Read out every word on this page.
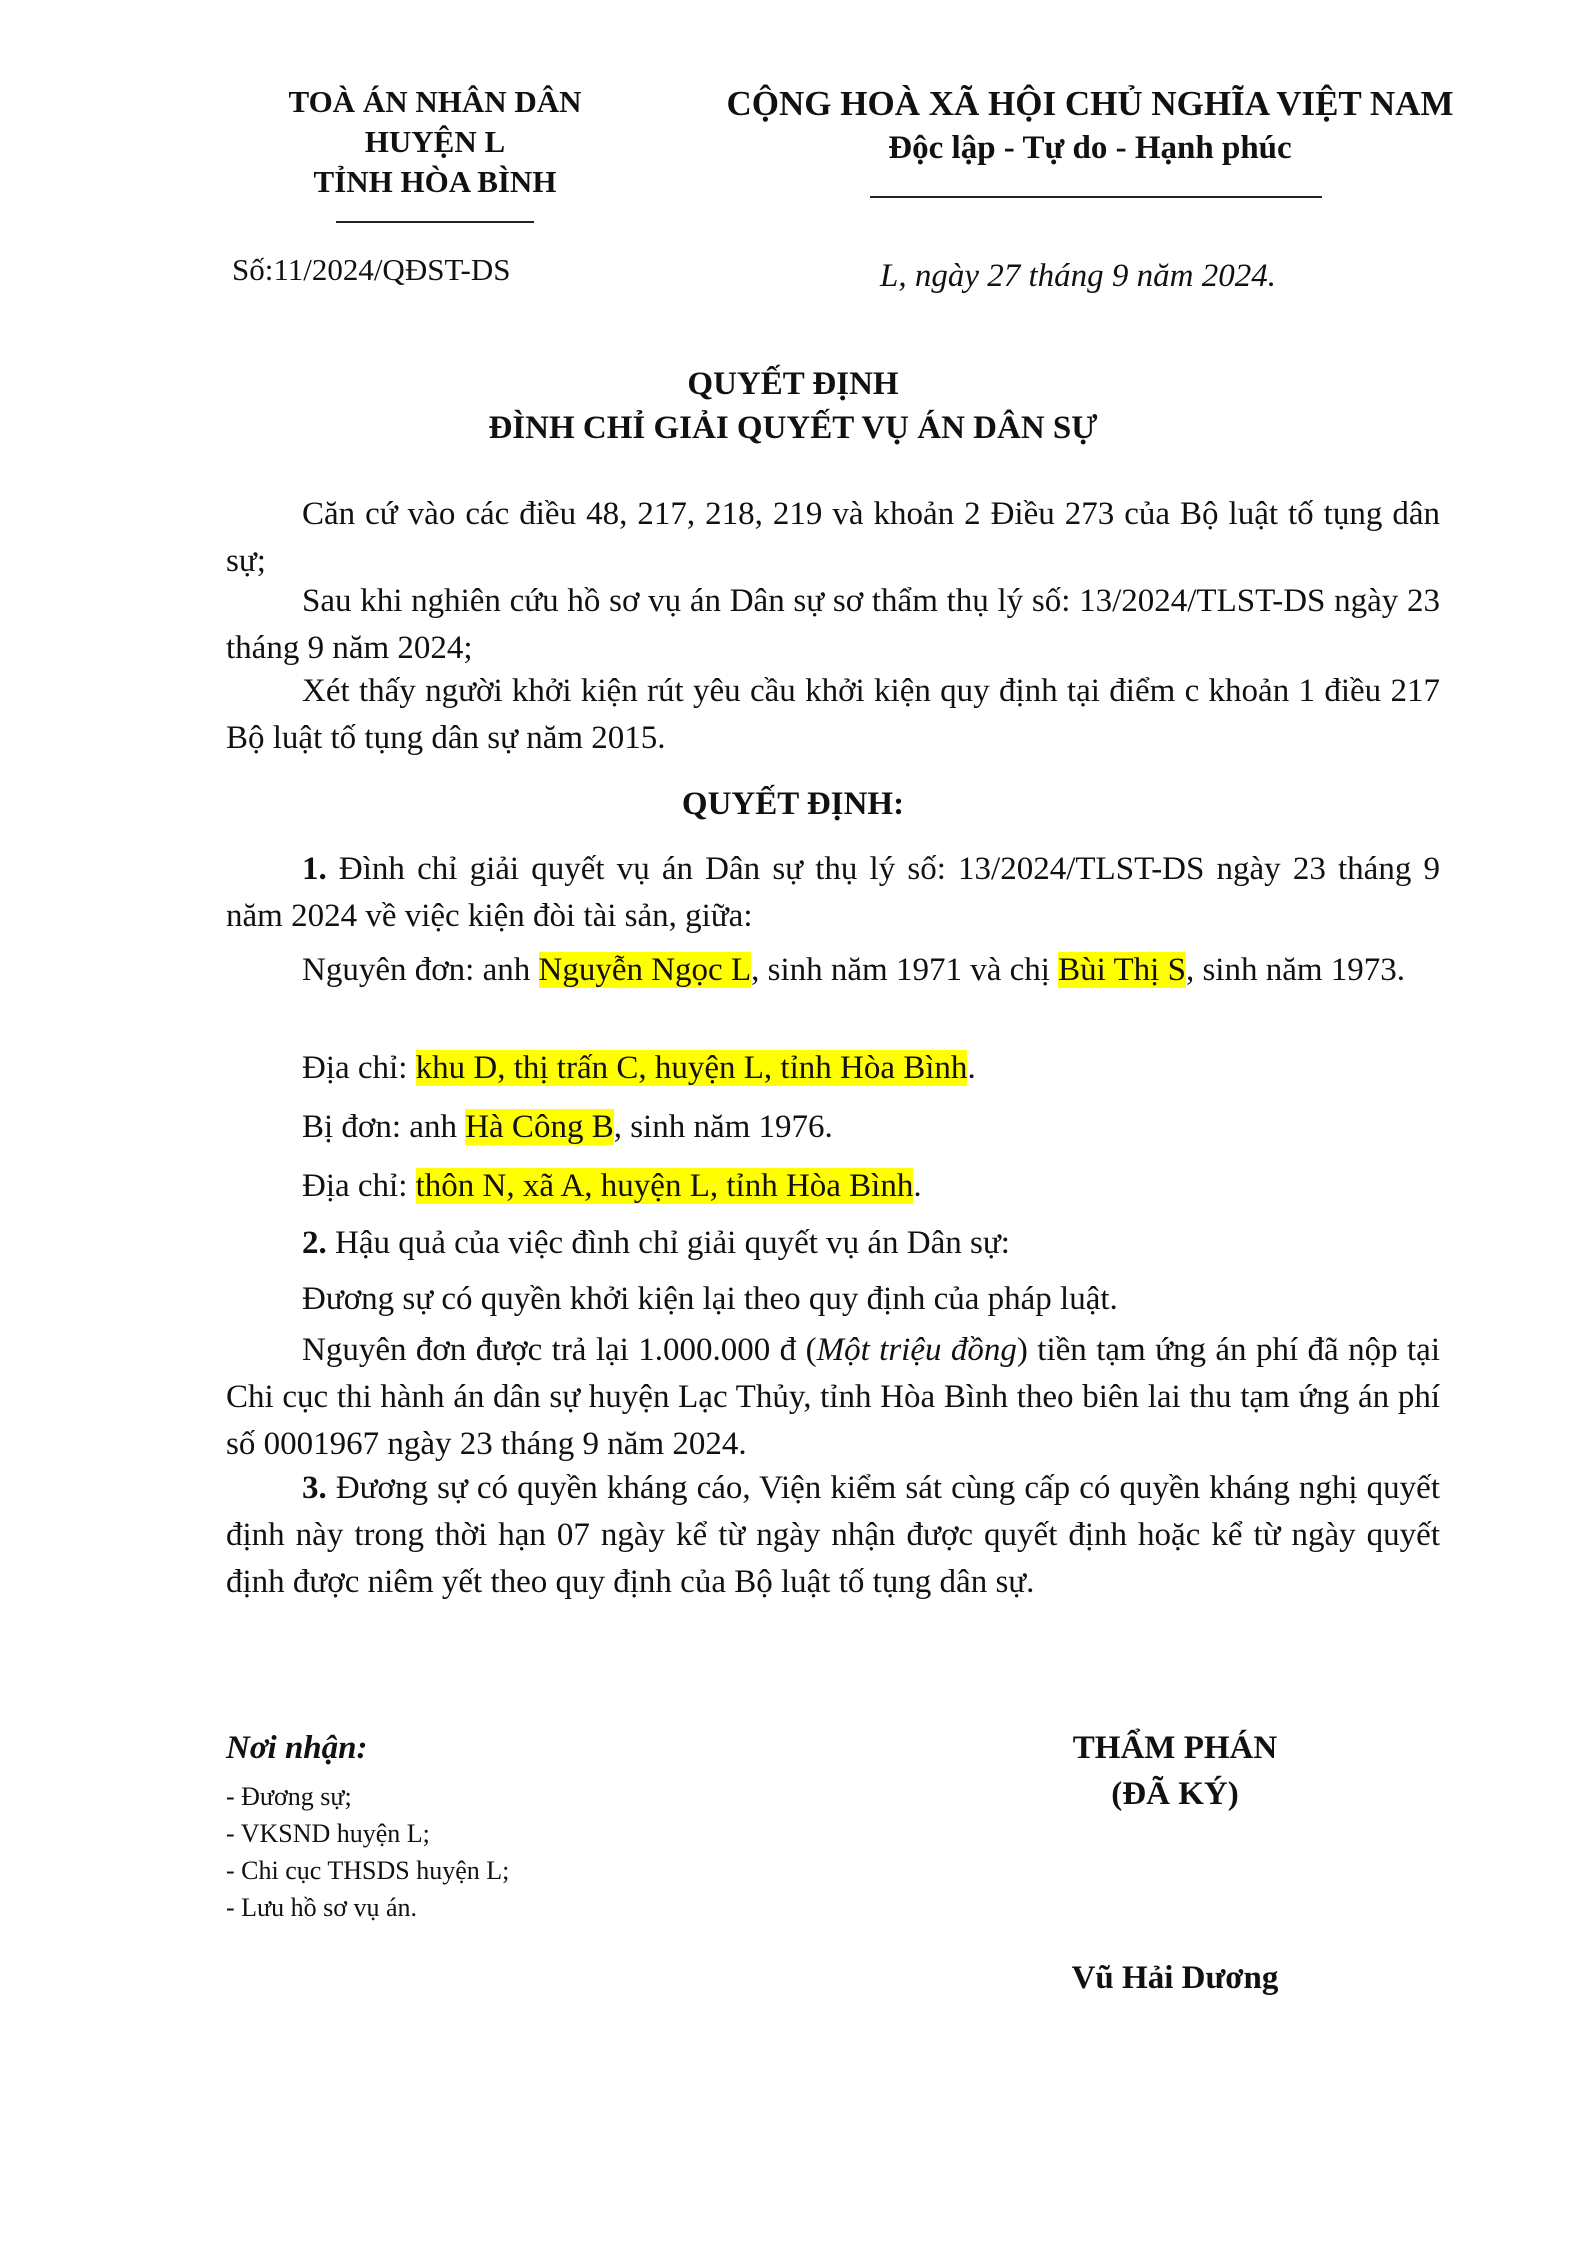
TOÀ ÁN NHÂN DÂN
HUYỆN L
TỈNH HÒA BÌNH
CỘNG HOÀ XÃ HỘI CHỦ NGHĨA VIỆT NAM
Độc lập - Tự do - Hạnh phúc
Số:11/2024/QĐST-DS	L, ngày 27 tháng 9 năm 2024.
QUYẾT ĐỊNH
ĐÌNH CHỈ GIẢI QUYẾT VỤ ÁN DÂN SỰ
Căn cứ vào các điều 48, 217, 218, 219 và khoản 2 Điều 273 của Bộ luật tố tụng dân sự;
Sau khi nghiên cứu hồ sơ vụ án Dân sự sơ thẩm thụ lý số: 13/2024/TLST-DS ngày 23 tháng 9 năm 2024;
Xét thấy người khởi kiện rút yêu cầu khởi kiện quy định tại điểm c khoản 1 điều 217 Bộ luật tố tụng dân sự năm 2015.
QUYẾT ĐỊNH:
1. Đình chỉ giải quyết vụ án Dân sự thụ lý số: 13/2024/TLST-DS ngày 23 tháng 9 năm 2024 về việc kiện đòi tài sản, giữa:
Nguyên đơn: anh Nguyễn Ngọc L, sinh năm 1971 và chị Bùi Thị S, sinh năm 1973.
Địa chỉ: khu D, thị trấn C, huyện L, tỉnh Hòa Bình.
Bị đơn: anh Hà Công B, sinh năm 1976.
Địa chỉ: thôn N, xã A, huyện L, tỉnh Hòa Bình.
2. Hậu quả của việc đình chỉ giải quyết vụ án Dân sự:
Đương sự có quyền khởi kiện lại theo quy định của pháp luật.
Nguyên đơn được trả lại 1.000.000 đ (Một triệu đồng) tiền tạm ứng án phí đã nộp tại Chi cục thi hành án dân sự huyện Lạc Thủy, tỉnh Hòa Bình theo biên lai thu tạm ứng án phí số 0001967 ngày 23 tháng 9 năm 2024.
3. Đương sự có quyền kháng cáo, Viện kiểm sát cùng cấp có quyền kháng nghị quyết định này trong thời hạn 07 ngày kể từ ngày nhận được quyết định hoặc kể từ ngày quyết định được niêm yết theo quy định của Bộ luật tố tụng dân sự.
Nơi nhận:
- Đương sự;
- VKSND huyện L;
- Chi cục THSDS huyện L;
- Lưu hồ sơ vụ án.
THẨM PHÁN
(ĐÃ KÝ)
Vũ Hải Dương
